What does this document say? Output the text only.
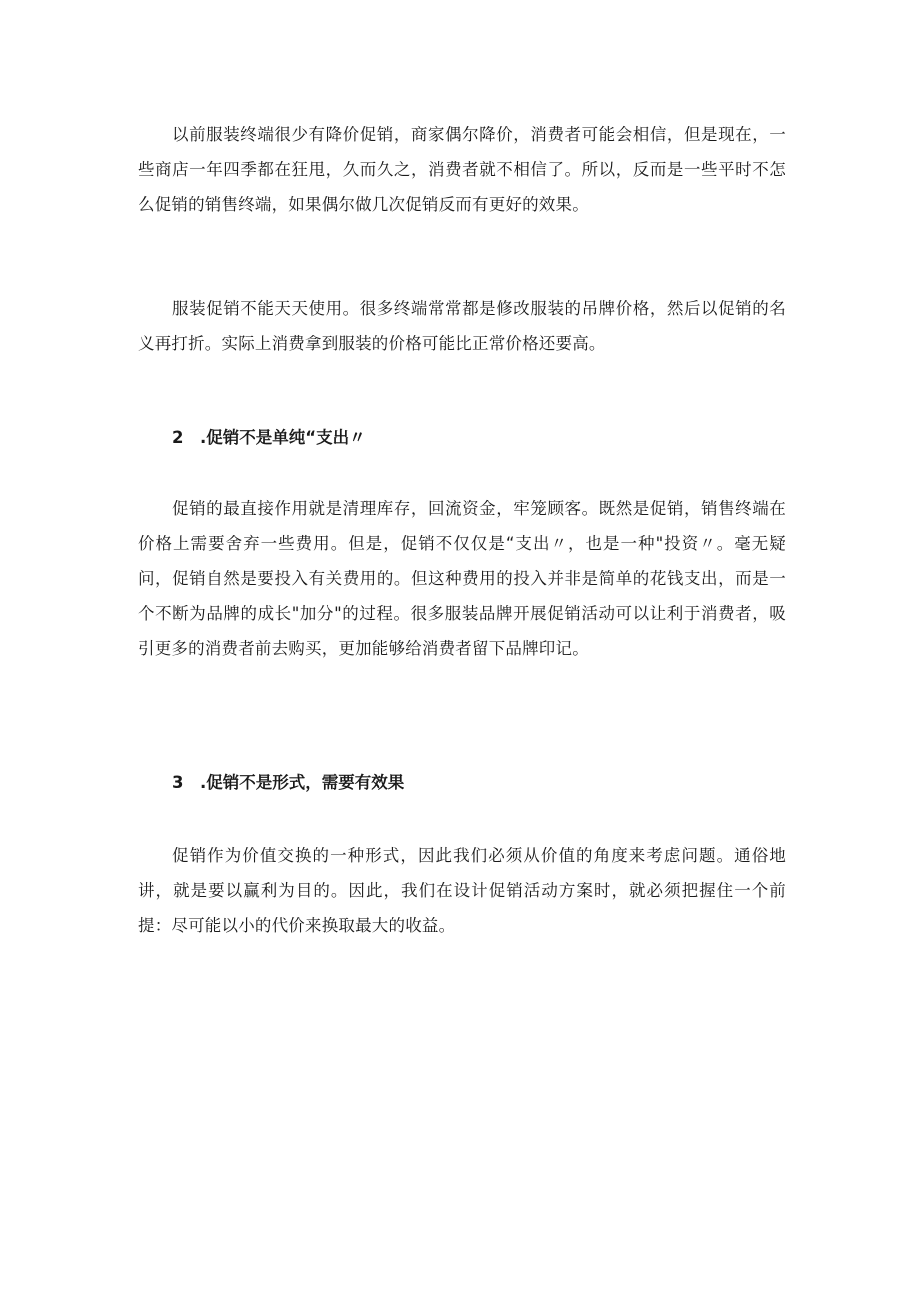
以前服装终端很少有降价促销，商家偶尔降价，消费者可能会相信，但是现在，一些商店一年四季都在狂甩，久而久之，消费者就不相信了。所以，反而是一些平时不怎么促销的销售终端，如果偶尔做几次促销反而有更好的效果。

服装促销不能天天使用。很多终端常常都是修改服装的吊牌价格，然后以促销的名义再打折。实际上消费拿到服装的价格可能比正常价格还要高。

2 .促销不是单纯“支出〃

促销的最直接作用就是清理库存，回流资金，牢笼顾客。既然是促销，销售终端在价格上需要舍弃一些费用。但是，促销不仅仅是“支出〃，也是一种"投资〃。毫无疑问，促销自然是要投入有关费用的。但这种费用的投入并非是简单的花钱支出，而是一个不断为品牌的成长"加分"的过程。很多服装品牌开展促销活动可以让利于消费者，吸引更多的消费者前去购买，更加能够给消费者留下品牌印记。

3 .促销不是形式，需要有效果

促销作为价值交换的一种形式，因此我们必须从价值的角度来考虑问题。通俗地讲，就是要以赢利为目的。因此，我们在设计促销活动方案时，就必须把握住一个前提：尽可能以小的代价来换取最大的收益。
